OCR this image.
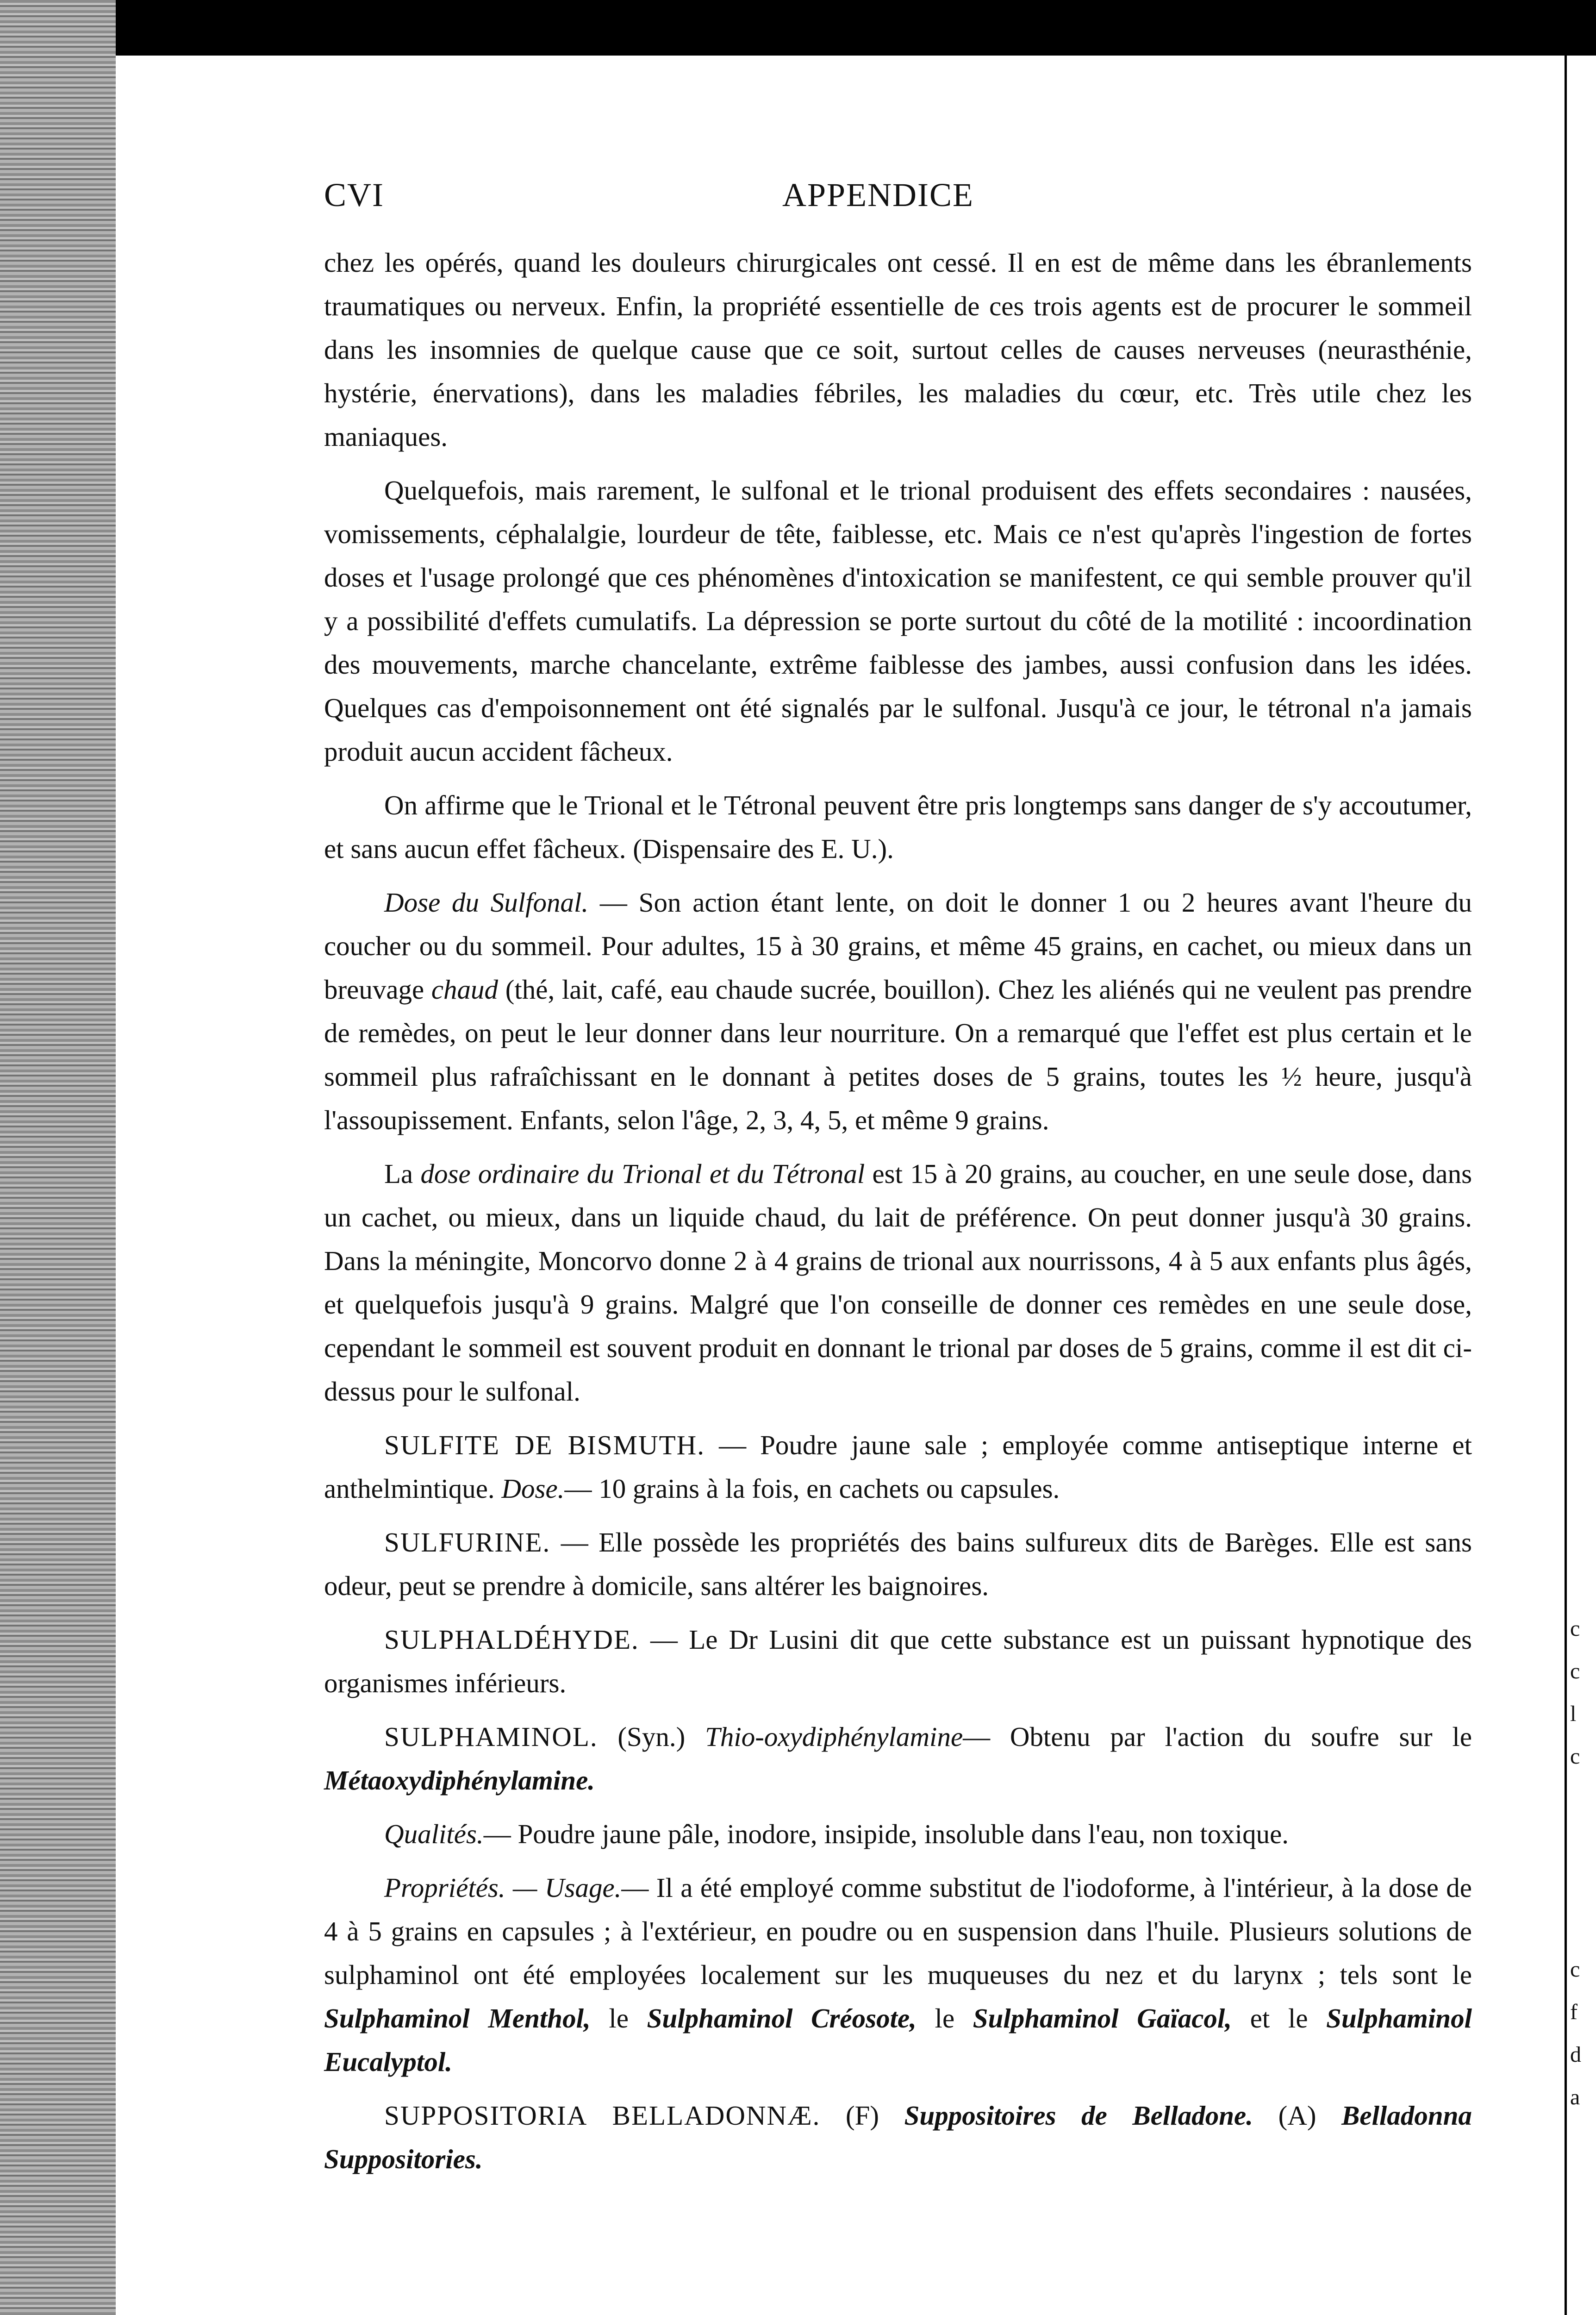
c
c
l
c

c
f
d
a
CVI	APPENDICE

chez les opérés, quand les douleurs chirurgicales ont cessé. Il en est de même dans les ébranlements traumatiques ou nerveux. Enfin, la propriété essentielle de ces trois agents est de procurer le sommeil dans les insomnies de quelque cause que ce soit, surtout celles de causes nerveuses (neurasthénie, hystérie, énervations), dans les maladies fébriles, les maladies du cœur, etc. Très utile chez les maniaques.

Quelquefois, mais rarement, le sulfonal et le trional produisent des effets secondaires : nausées, vomissements, céphalalgie, lourdeur de tête, faiblesse, etc. Mais ce n'est qu'après l'ingestion de fortes doses et l'usage prolongé que ces phénomènes d'intoxication se manifestent, ce qui semble prouver qu'il y a possibilité d'effets cumulatifs. La dépression se porte surtout du côté de la motilité : incoordination des mouvements, marche chancelante, extrême faiblesse des jambes, aussi confusion dans les idées. Quelques cas d'empoisonnement ont été signalés par le sulfonal. Jusqu'à ce jour, le tétronal n'a jamais produit aucun accident fâcheux.

On affirme que le Trional et le Tétronal peuvent être pris longtemps sans danger de s'y accoutumer, et sans aucun effet fâcheux. (Dispensaire des E. U.).

Dose du Sulfonal. — Son action étant lente, on doit le donner 1 ou 2 heures avant l'heure du coucher ou du sommeil. Pour adultes, 15 à 30 grains, et même 45 grains, en cachet, ou mieux dans un breuvage chaud (thé, lait, café, eau chaude sucrée, bouillon). Chez les aliénés qui ne veulent pas prendre de remèdes, on peut le leur donner dans leur nourriture. On a remarqué que l'effet est plus certain et le sommeil plus rafraîchissant en le donnant à petites doses de 5 grains, toutes les ½ heure, jusqu'à l'assoupissement. Enfants, selon l'âge, 2, 3, 4, 5, et même 9 grains.

La dose ordinaire du Trional et du Tétronal est 15 à 20 grains, au coucher, en une seule dose, dans un cachet, ou mieux, dans un liquide chaud, du lait de préférence. On peut donner jusqu'à 30 grains. Dans la méningite, Moncorvo donne 2 à 4 grains de trional aux nourrissons, 4 à 5 aux enfants plus âgés, et quelquefois jusqu'à 9 grains. Malgré que l'on conseille de donner ces remèdes en une seule dose, cependant le sommeil est souvent produit en donnant le trional par doses de 5 grains, comme il est dit ci-dessus pour le sulfonal.

SULFITE DE BISMUTH. — Poudre jaune sale ; employée comme antiseptique interne et anthelmintique. Dose.— 10 grains à la fois, en cachets ou capsules.

SULFURINE. — Elle possède les propriétés des bains sulfureux dits de Barèges. Elle est sans odeur, peut se prendre à domicile, sans altérer les baignoires.

SULPHALDÉHYDE. — Le Dr Lusini dit que cette substance est un puissant hypnotique des organismes inférieurs.

SULPHAMINOL. (Syn.) Thio-oxydiphénylamine— Obtenu par l'action du soufre sur le Métaoxydiphénylamine.

Qualités.— Poudre jaune pâle, inodore, insipide, insoluble dans l'eau, non toxique.

Propriétés. — Usage.— Il a été employé comme substitut de l'iodoforme, à l'intérieur, à la dose de 4 à 5 grains en capsules ; à l'extérieur, en poudre ou en suspension dans l'huile. Plusieurs solutions de sulphaminol ont été employées localement sur les muqueuses du nez et du larynx ; tels sont le Sulphaminol Menthol, le Sulphaminol Créosote, le Sulphaminol Gaïacol, et le Sulphaminol Eucalyptol.

SUPPOSITORIA BELLADONNÆ. (F) Suppositoires de Belladone. (A) Belladonna Suppositories.
